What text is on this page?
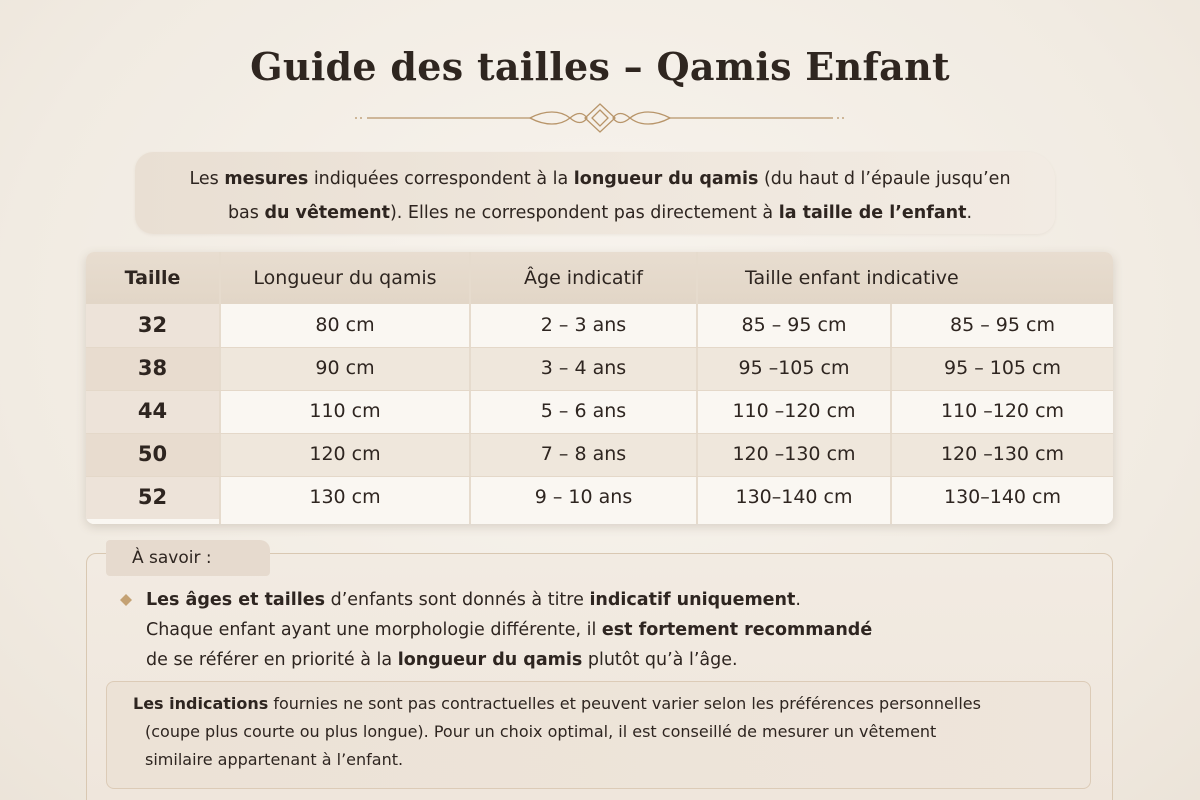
Guide des tailles – Qamis Enfant
Les mesures indiquées correspondent à la longueur du qamis (du haut d l’épaule jusqu’en
bas du vêtement). Elles ne correspondent pas directement à la taille de l’enfant.
Taille	Longueur du qamis	Âge indicatif	Taille enfant indicative
32	80 cm	2 – 3 ans	85 – 95 cm	85 – 95 cm
38	90 cm	3 – 4 ans	95 –105 cm	95 – 105 cm
44	110 cm	5 – 6 ans	110 –120 cm	110 –120 cm
50	120 cm	7 – 8 ans	120 –130 cm	120 –130 cm
52	130 cm	9 – 10 ans	130–140 cm	130–140 cm
À savoir :
Les âges et tailles d’enfants sont donnés à titre indicatif uniquement.
Chaque enfant ayant une morphologie différente, il est fortement recommandé
de se référer en priorité à la longueur du qamis plutôt qu’à l’âge.
Les indications fournies ne sont pas contractuelles et peuvent varier selon les préférences personnelles
(coupe plus courte ou plus longue). Pour un choix optimal, il est conseillé de mesurer un vêtement
similaire appartenant à l’enfant.
